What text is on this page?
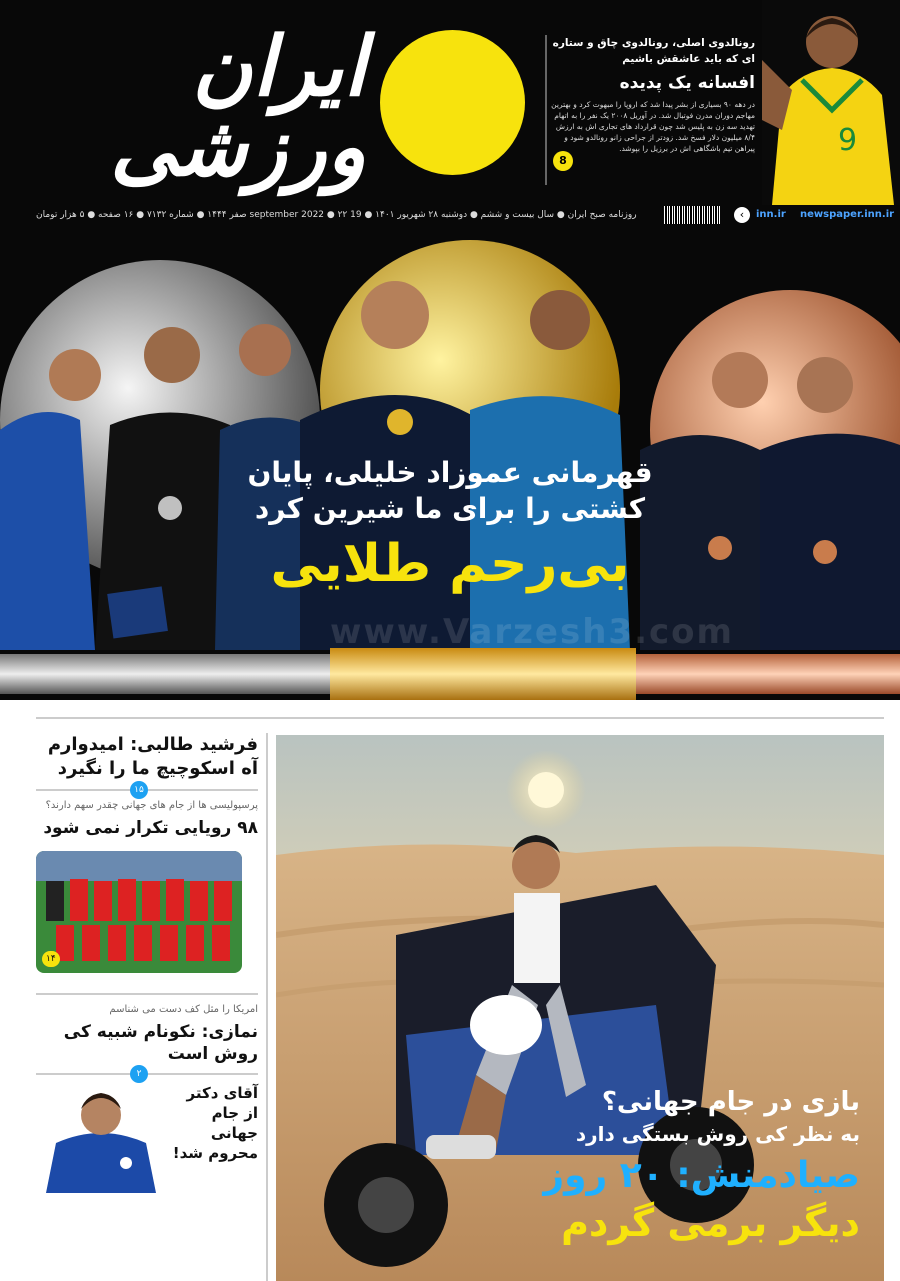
ایران
ورزشی
رونالدوی اصلی، رونالدوی چاق و ستاره ای که باید عاشقش باشیم
افسانه یک پدیده
در دهه ۹۰ بسیاری از بشر پیدا شد که اروپا را مبهوت کرد و بهترین مهاجم دوران مدرن فوتبال شد. در آوریل ۲۰۰۸ یک نفر را به اتهام تهدید سه زن به پلیس شد چون قرارداد های تجاری اش به ارزش ۸/۴ میلیون دلار فسخ شد. زودتر از جراحی زانو رونالدو شود و پیراهن تیم باشگاهی اش در برزیل را بپوشد.
8
9
روزنامه صبح ایران ● سال بیست و ششم ● دوشنبه ۲۸ شهریور ۱۴۰۱ ● 19 september 2022 ● ۲۲ صفر ۱۴۴۴ ● شماره ۷۱۳۲ ● ۱۶ صفحه ● ۵ هزار تومان	‹	inn.ir newspaper.inn.ir
قهرمانی عموزاد خلیلی، پایان
کشتی را برای ما شیرین کرد
بی‌رحم طلایی
www.Varzesh3.com
فرشید طالبی: امیدوارم آه اسکوچیچ ما را نگیرد
۱۵
پرسپولیسی ها از جام های جهانی چقدر سهم دارند؟
۹۸ رویایی تکرار نمی شود
۱۴
امریکا را مثل کف دست می شناسم
نمازی: نکونام شبیه کی روش است
۲
آقای دکتر از جام جهانی محروم شد!
بازی در جام جهانی؟
به نظر کی روش بستگی دارد
صیادمنش: ۲۰ روز
دیگر برمی گردم
